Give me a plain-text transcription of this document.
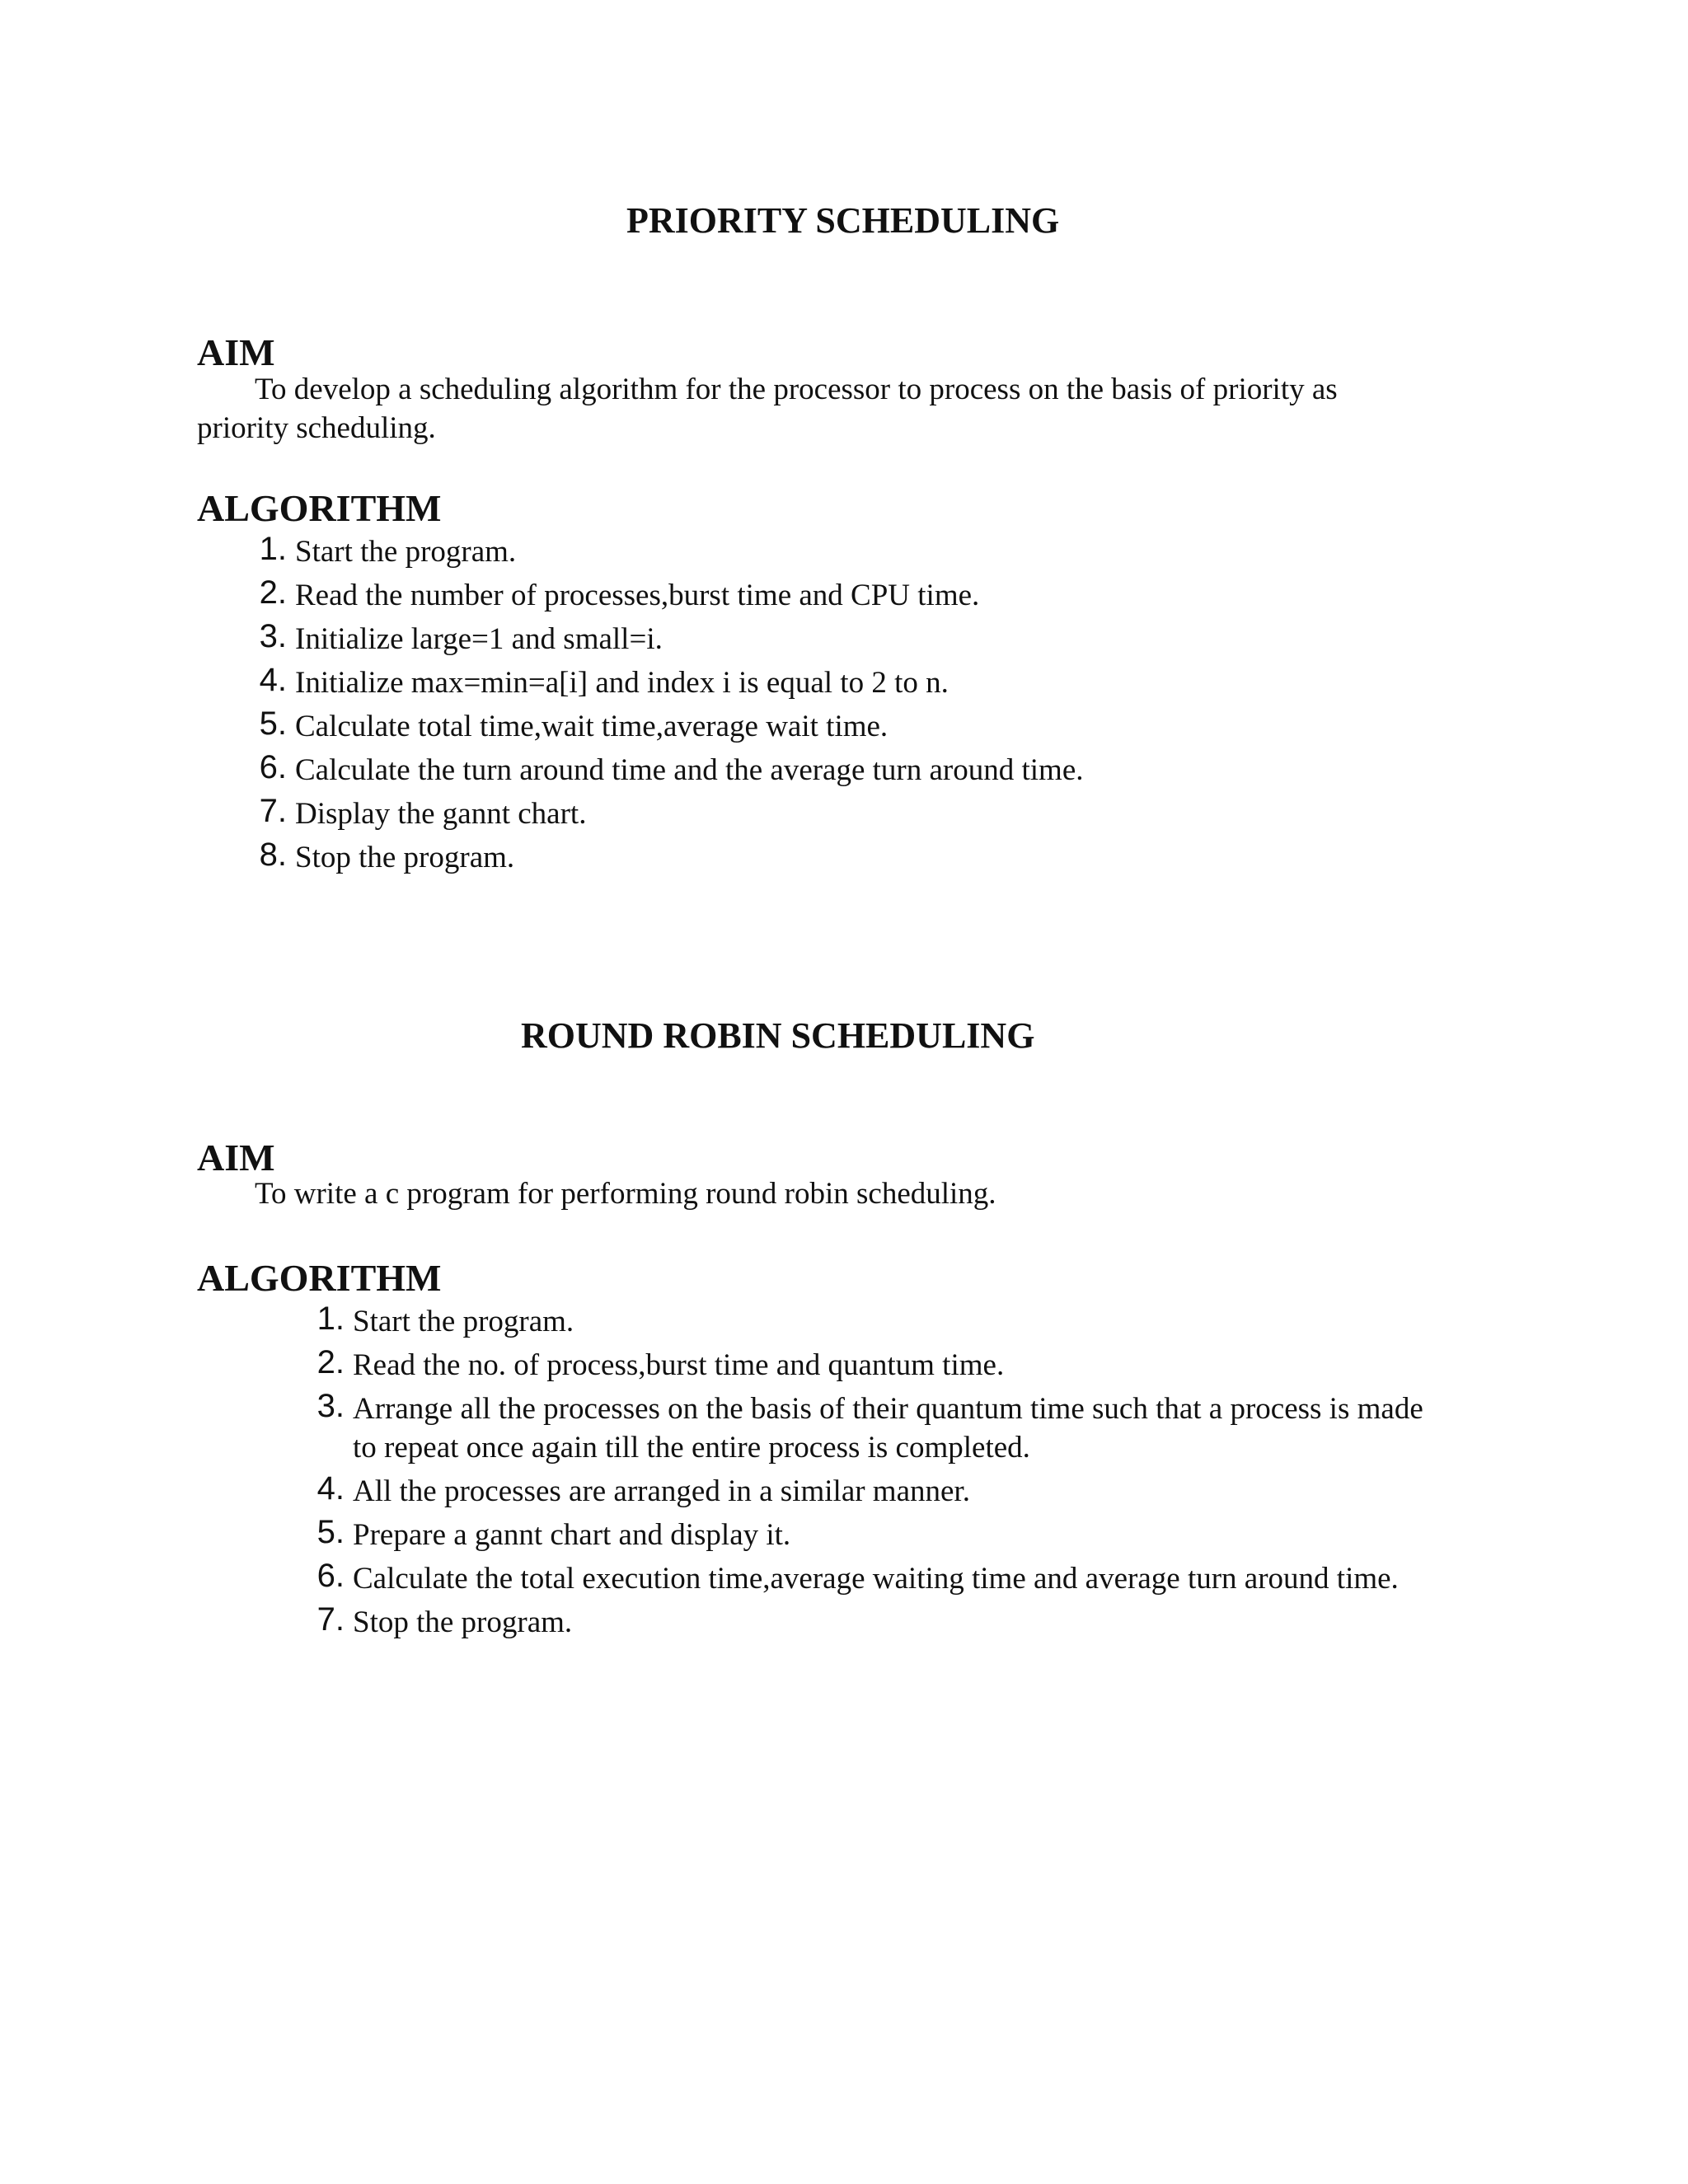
PRIORITY SCHEDULING
AIM

To develop a scheduling algorithm for the processor to process on the basis of priority as priority scheduling.

ALGORITHM
1. Start the program.
2. Read the number of processes,burst time and CPU time.
3. Initialize large=1 and small=i.
4. Initialize max=min=a[i] and index i is equal to 2 to n.
5. Calculate total time,wait time,average wait time.
6. Calculate the turn around time and the average turn around time.
7. Display the gannt chart.
8. Stop the program.
ROUND ROBIN SCHEDULING
AIM
To write a c program for performing round robin scheduling.
ALGORITHM
1. Start the program.
2. Read the no. of process,burst time and quantum time.
3. Arrange all the processes on the basis of their quantum time such that a process is made to repeat once again till the entire process is completed.
4. All the processes are arranged in a similar manner.
5. Prepare a gannt chart and display it.
6. Calculate the total execution time,average waiting time and average turn around time.
7. Stop the program.
